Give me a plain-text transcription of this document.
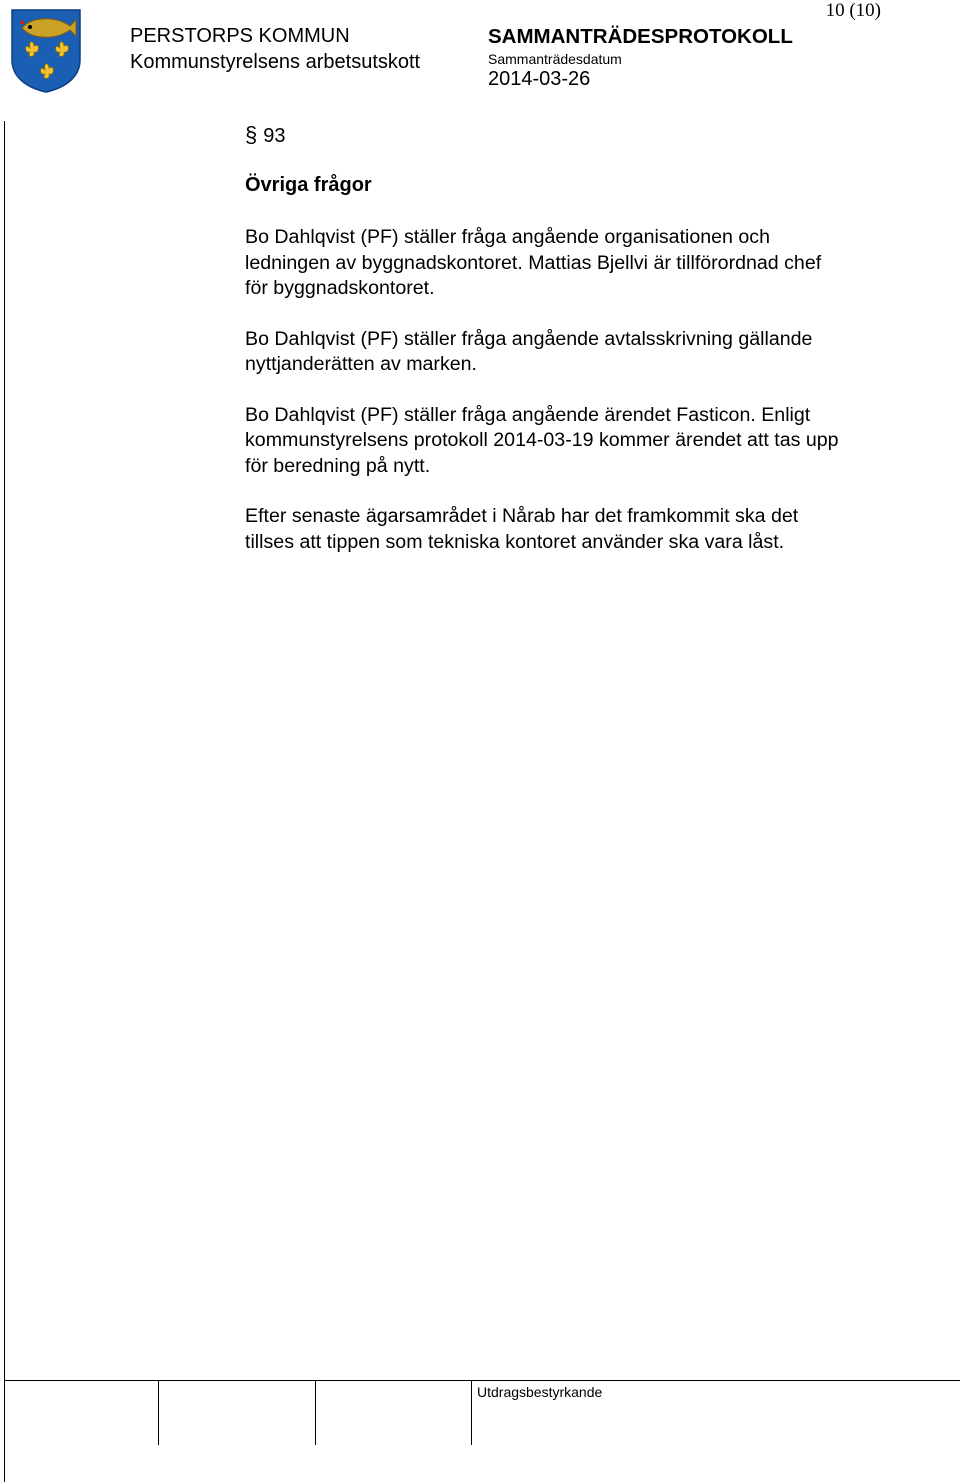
10 (10)
PERSTORPS KOMMUN
Kommunstyrelsens arbetsutskott
SAMMANTRÄDESPROTOKOLL
Sammanträdesdatum
2014-03-26
§ 93
Övriga frågor

Bo Dahlqvist (PF) ställer fråga angående organisationen och ledningen av byggnadskontoret. Mattias Bjellvi är tillförordnad chef för byggnadskontoret.

Bo Dahlqvist (PF) ställer fråga angående avtalsskrivning gällande nyttjanderätten av marken.

Bo Dahlqvist (PF) ställer fråga angående ärendet Fasticon. Enligt kommunstyrelsens protokoll 2014-03-19 kommer ärendet att tas upp för beredning på nytt.

Efter senaste ägarsamrådet i Nårab har det framkommit ska det tillses att tippen som tekniska kontoret använder ska vara låst.

Utdragsbestyrkande
